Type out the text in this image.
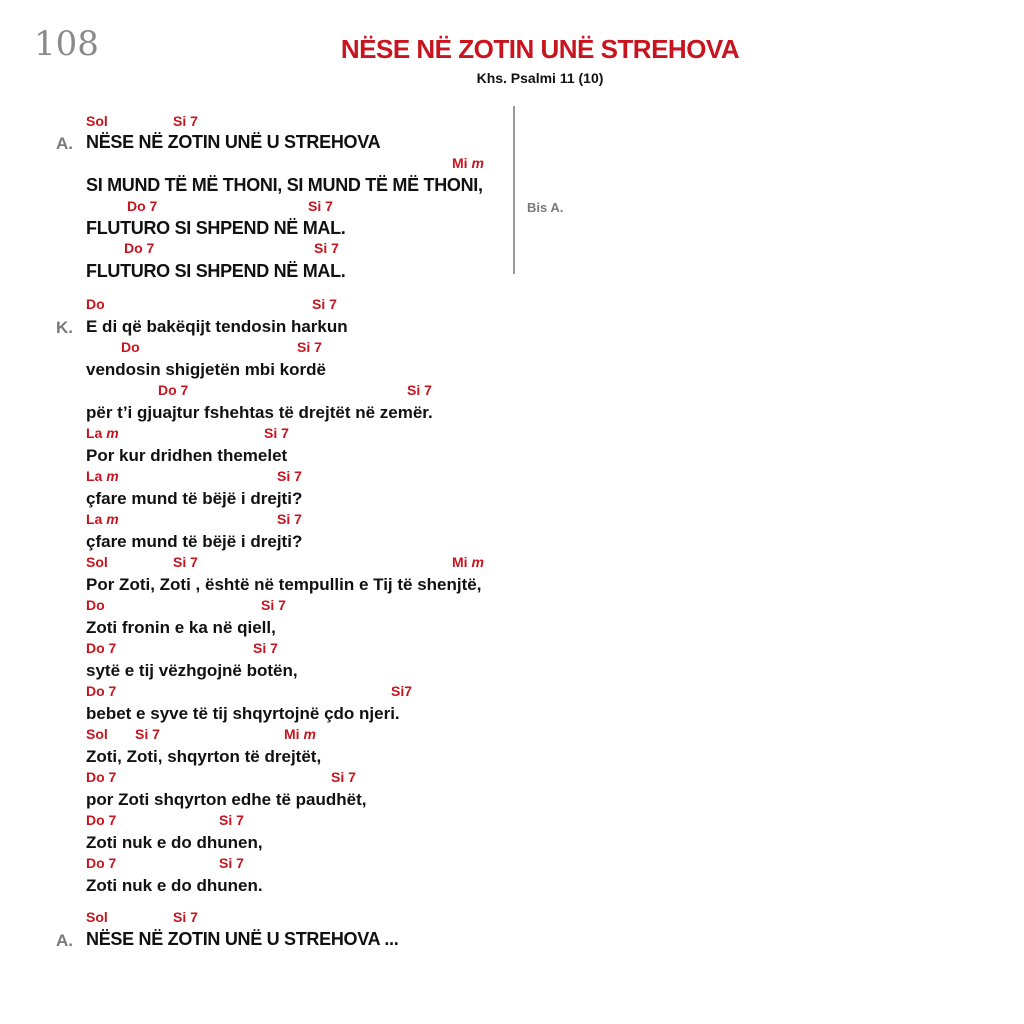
108	NËSE NË ZOTIN UNË STREHOVA
Khs. Psalmi 11 (10)
Sol	Si 7
A. NËSE NË ZOTIN UNË U STREHOVA
Mi m
SI MUND TË MË THONI, SI MUND TË MË THONI,
Do 7	Si 7
FLUTURO SI SHPEND NË MAL.
Do 7	Si 7
FLUTURO SI SHPEND NË MAL.
Bis A.
Do	Si 7
K. E di që bakëqijt tendosin harkun
Do	Si 7
vendosin shigjetën mbi kordë
Do 7	Si 7
për t’i gjuajtur fshehtas të drejtët në zemër.
La m	Si 7
Por kur dridhen themelet
La m	Si 7
çfare mund të bëjë i drejti?
La m	Si 7
çfare mund të bëjë i drejti?
Sol	Si 7	Mi m
Por Zoti, Zoti , është në tempullin e Tij të shenjtë,
Do	Si 7
Zoti fronin e ka në qiell,
Do 7	Si 7
sytë e tij vëzhgojnë botën,
Do 7	Si7
bebet e syve të tij shqyrtojnë çdo njeri.
Sol Si 7	Mi m
Zoti, Zoti, shqyrton të drejtët,
Do 7	Si 7
por Zoti shqyrton edhe të paudhët,
Do 7	Si 7
Zoti nuk e do dhunen,
Do 7	Si 7
Zoti nuk e do dhunen.
Sol	Si 7
A. NËSE NË ZOTIN UNË U STREHOVA ...
